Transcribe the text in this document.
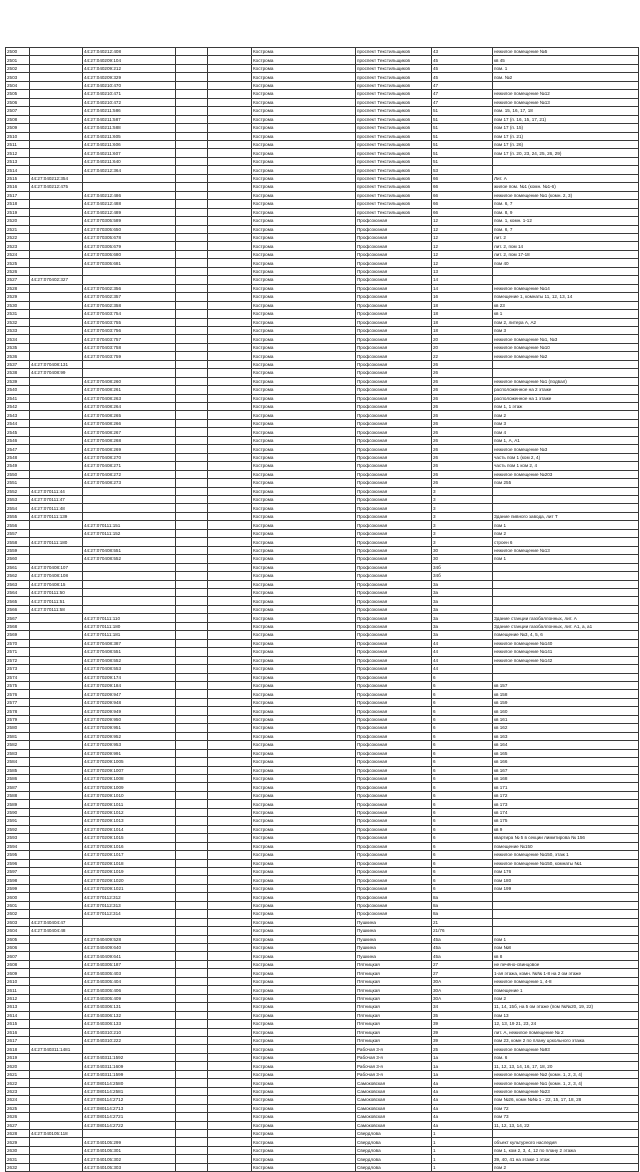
2500		44:27:040212:408			Кострома	проспект Текстильщиков	43	нежилое помещение №5
2501		44:27:040209:104			Кострома	проспект Текстильщиков	45	кв 45
2502		44:27:040209:212			Кострома	проспект Текстильщиков	45	пом. 1
2503		44:27:040209:329			Кострома	проспект Текстильщиков	45	пом. №2
2504		44:27:040210:470			Кострома	проспект Текстильщиков	47	
2505		44:27:040210:471			Кострома	проспект Текстильщиков	47	нежилое помещение №12
2506		44:27:040210:472			Кострома	проспект Текстильщиков	47	нежилое помещение №13
2507		44:27:040211:586			Кострома	проспект Текстильщиков	51	пом. 15, 16, 17, 18
2508		44:27:040211:587			Кострома	проспект Текстильщиков	51	пом 17 (п. 16, 15, 17, 21)
2509		44:27:040211:588			Кострома	проспект Текстильщиков	51	пом 17 (п. 15)
2510		44:27:040211:605			Кострома	проспект Текстильщиков	51	пом 17 (п. 21)
2511		44:27:040211:606			Кострома	проспект Текстильщиков	51	пом 17 (п. 26)
2512		44:27:040211:607			Кострома	проспект Текстильщиков	51	пом 17 (п. 20, 23, 24, 25, 26, 29)
2513		44:27:040211:640			Кострома	проспект Текстильщиков	51	
2514		44:27:040212:364			Кострома	проспект Текстильщиков	53	
2515	44:27:040212:354				Кострома	проспект Текстильщиков	66	Лит. А
2516	44:27:040212:475				Кострома	проспект Текстильщиков	66	жилое пом. №1 (комн. №1-6)
2517		44:27:040212:486			Кострома	проспект Текстильщиков	66	нежилое помещение №1 (комн. 2, 3)
2518		44:27:040212:488			Кострома	проспект Текстильщиков	66	пом. 6, 7
2519		44:27:040212:489			Кострома	проспект Текстильщиков	66	пом. 8, 9
2520		44:27:070305:589			Кострома	Профсоюзная	12	пом. 1, комн. 1-12
2521		44:27:070305:650			Кострома	Профсоюзная	12	пом. 6, 7
2522		44:27:070305:678			Кострома	Профсоюзная	12	лит. 2
2523		44:27:070305:679			Кострома	Профсоюзная	12	лит. 2, пом 14
2524		44:27:070305:680			Кострома	Профсоюзная	12	лит. 2, пом 17-18
2525		44:27:070305:681			Кострома	Профсоюзная	12	пом 40
2526					Кострома	Профсоюзная	13	
2527	44:27:070402:327				Кострома	Профсоюзная	14	
2528		44:27:070402:356			Кострома	Профсоюзная	14	нежилое помещение №14
2529		44:27:070402:357			Кострома	Профсоюзная	16	помещение 1, комнаты 11, 12, 13, 14
2530		44:27:070402:358			Кострома	Профсоюзная	18	кв 23
2531		44:27:070403:754			Кострома	Профсоюзная	18	кв 1
2532		44:27:070403:755			Кострома	Профсоюзная	18	пом 2, литера А, А2
2533		44:27:070403:756			Кострома	Профсоюзная	18	пом 3
2534		44:27:070403:757			Кострома	Профсоюзная	20	нежилое помещение №1, №3
2535		44:27:070403:758			Кострома	Профсоюзная	20	нежилое помещение №10
2536		44:27:070403:759			Кострома	Профсоюзная	22	нежилое помещение №2
2537	44:27:070408:131				Кострома	Профсоюзная	26	
2538	44:27:070408:99				Кострома	Профсоюзная	26	
2539		44:27:070408:260			Кострома	Профсоюзная	26	нежилое помещение №1 (подвал)
2540		44:27:070408:261			Кострома	Профсоюзная	26	расположенное на 2 этаже
2541		44:27:070408:263			Кострома	Профсоюзная	26	расположенное на 1 этаже
2542		44:27:070408:264			Кострома	Профсоюзная	26	пом 1, 1 этаж
2543		44:27:070408:265			Кострома	Профсоюзная	26	пом 2
2544		44:27:070408:266			Кострома	Профсоюзная	26	пом 3
2545		44:27:070408:267			Кострома	Профсоюзная	26	пом 4
2546		44:27:070408:268			Кострома	Профсоюзная	26	пом 1, А, А1
2547		44:27:070408:269			Кострома	Профсоюзная	26	нежилое помещение №3
2548		44:27:070408:270			Кострома	Профсоюзная	26	часть пом 1 (ком 2, 4)
2549		44:27:070408:271			Кострома	Профсоюзная	26	часть пом 1 ком 2, 4
2550		44:27:070408:272			Кострома	Профсоюзная	26	нежилое помещение №203
2551		44:27:070408:273			Кострома	Профсоюзная	26	пом 255
2552	44:27:070111:44				Кострома	Профсоюзная	3	
2553	44:27:070111:47				Кострома	Профсоюзная	3	
2554	44:27:070111:48				Кострома	Профсоюзная	3	
2555	44:27:070111:139				Кострома	Профсоюзная	3	Здание пивного завода, лит Т
2556		44:27:070111:151			Кострома	Профсоюзная	3	пом 1
2557		44:27:070111:152			Кострома	Профсоюзная	3	пом 2
2558	44:27:070111:180				Кострома	Профсоюзная	3	строен 6
2559		44:27:070408:551			Кострома	Профсоюзная	30	нежилое помещение №13
2560		44:27:070408:552			Кострома	Профсоюзная	30	пом 1
2561	44:27:070408:107				Кострома	Профсоюзная	34б	
2562	44:27:070408:108				Кострома	Профсоюзная	34б	
2563	44:27:070408:15				Кострома	Профсоюзная	3а	
2564	44:27:070111:50				Кострома	Профсоюзная	3а	
2565	44:27:070111:51				Кострома	Профсоюзная	3а	
2566	44:27:070111:58				Кострома	Профсоюзная	3а	
2567		44:27:070111:110			Кострома	Профсоюзная	3а	Здание станции газобаллонных, лит. А
2568		44:27:070111:180			Кострома	Профсоюзная	3а	Здание станции газобаллонных, лит. А1, а, а1
2569		44:27:070111:181			Кострома	Профсоюзная	3а	помещение №3, 4, 5, 6
2570		44:27:070408:387			Кострома	Профсоюзная	44	нежилое помещение №140
2571		44:27:070408:551			Кострома	Профсоюзная	44	нежилое помещение №141
2572		44:27:070408:552			Кострома	Профсоюзная	44	нежилое помещение №142
2573		44:27:070408:553			Кострома	Профсоюзная	44	
2574		44:27:070209:174			Кострома	Профсоюзная	6	
2575		44:27:070209:184			Кострома	Профсоюзная	6	кв 157
2576		44:27:070209:947			Кострома	Профсоюзная	6	кв 158
2577		44:27:070209:948			Кострома	Профсоюзная	6	кв 159
2578		44:27:070209:949			Кострома	Профсоюзная	6	кв 160
2579		44:27:070209:950			Кострома	Профсоюзная	6	кв 161
2580		44:27:070209:951			Кострома	Профсоюзная	6	кв 162
2581		44:27:070209:952			Кострома	Профсоюзная	6	кв 163
2582		44:27:070209:953			Кострома	Профсоюзная	6	кв 164
2583		44:27:070209:991			Кострома	Профсоюзная	6	кв 165
2584		44:27:070209:1005			Кострома	Профсоюзная	6	кв 166
2585		44:27:070209:1007			Кострома	Профсоюзная	6	кв 167
2586		44:27:070209:1008			Кострома	Профсоюзная	6	кв 168
2587		44:27:070209:1009			Кострома	Профсоюзная	6	кв 171
2588		44:27:070209:1010			Кострома	Профсоюзная	6	кв 172
2589		44:27:070209:1011			Кострома	Профсоюзная	6	кв 173
2590		44:27:070209:1012			Кострома	Профсоюзная	6	кв 174
2591		44:27:070209:1013			Кострома	Профсоюзная	6	кв 175
2592		44:27:070209:1014			Кострома	Профсоюзная	6	кв 9
2593		44:27:070209:1015			Кострома	Профсоюзная	6	квартира № 5 в секции лимитирова № 156
2594		44:27:070209:1016			Кострома	Профсоюзная	6	помещение №150
2595		44:27:070209:1017			Кострома	Профсоюзная	6	нежилое помещение №150, этаж 1
2596		44:27:070209:1018			Кострома	Профсоюзная	6	нежилое помещение №150, комнаты №1
2597		44:27:070209:1019			Кострома	Профсоюзная	6	пом 176
2598		44:27:070209:1020			Кострома	Профсоюзная	6	пом 180
2599		44:27:070209:1021			Кострома	Профсоюзная	6	пом 199
2600		44:27:070112:312			Кострома	Профсоюзная	8а	
2601		44:27:070112:313			Кострома	Профсоюзная	8а	
2602		44:27:070112:314			Кострома	Профсоюзная	8а	
2603	44:27:040404:47				Кострома	Пушкина	21	
2604	44:27:040404:48				Кострома	Пушкина	21/76	
2605		44:27:040409:528			Кострома	Пушкина	45а	пом 1
2606		44:27:040409:640			Кострома	Пушкина	45а	пом №8
2607		44:27:040409:641			Кострома	Пушкина	45а	кв 8
2608		44:27:040305:187			Кострома	Пятницкая	27	не печёно-свинцовое
2609		44:27:040305:403			Кострома	Пятницкая	27	1-ая этажа, комн. №№ 1-8 на 2 ом этаже
2610		44:27:040305:404			Кострома	Пятницкая	30А	нежилое помещение 1, 4-8
2611		44:27:040305:406			Кострома	Пятницкая	30А	помещение 1
2612		44:27:040305:409			Кострома	Пятницкая	30А	пом 2
2613		44:27:040306:131			Кострома	Пятницкая	34	11, 14, 15б, на 5 ом этаже (пом №№20, 19, 22)
2614		44:27:040306:132			Кострома	Пятницкая	35	пом 13
2615		44:27:040306:133			Кострома	Пятницкая	39	12, 13, 19 21, 23, 24
2616		44:27:040310:210			Кострома	Пятницкая	39	лит. А, нежилое помещение № 2
2617		44:27:040310:222			Кострома	Пятницкая	39	пом 23, комн 2 по плану цокольного этажа
2618	44:27:040311:1481				Кострома	Рабочая 3-я	25	нежилое помещение №93
2619		44:27:040311:1592			Кострома	Рабочая 3-я	1а	пом. 6
2620		44:27:040311:1609			Кострома	Рабочая 3-я	1а	11, 12, 13, 14, 16, 17, 18, 20
2621		44:27:040311:1599			Кострома	Рабочая 3-я	1а	нежилое помещение №2 (комн. 1, 2, 3, 4)
2622		44:27:080114:2580			Кострома	Самоковская	4а	нежилое помещение №1 (комн. 1, 2, 3, 4)
2623		44:27:080114:2581			Кострома	Самоковская	4а	нежилое помещение №23
2624		44:27:080114:2712			Кострома	Самоковская	4а	пом №26, комн №№ 1 - 22, 15, 17, 18, 28
2625		44:27:080114:2713			Кострома	Самоковская	4а	пом 72
2626		44:27:080114:2721			Кострома	Самоковская	4а	пом 73
2627		44:27:080114:2722			Кострома	Самоковская	4а	11, 12, 13, 14, 22
2628	44:27:040105:118				Кострома	Свердлова	1	
2629		44:27:040105:299			Кострома	Свердлова	1	объект культурного наследия
2630		44:27:040105:301			Кострома	Свердлова	1	пом 1, ком 2, 3, 4, 12 по плану 2 этажа
2631		44:27:040105:302			Кострома	Свердлова	1	39, 40, 41 на этаже 1 этаж
2632		44:27:040105:303			Кострома	Свердлова	1	пом 2
